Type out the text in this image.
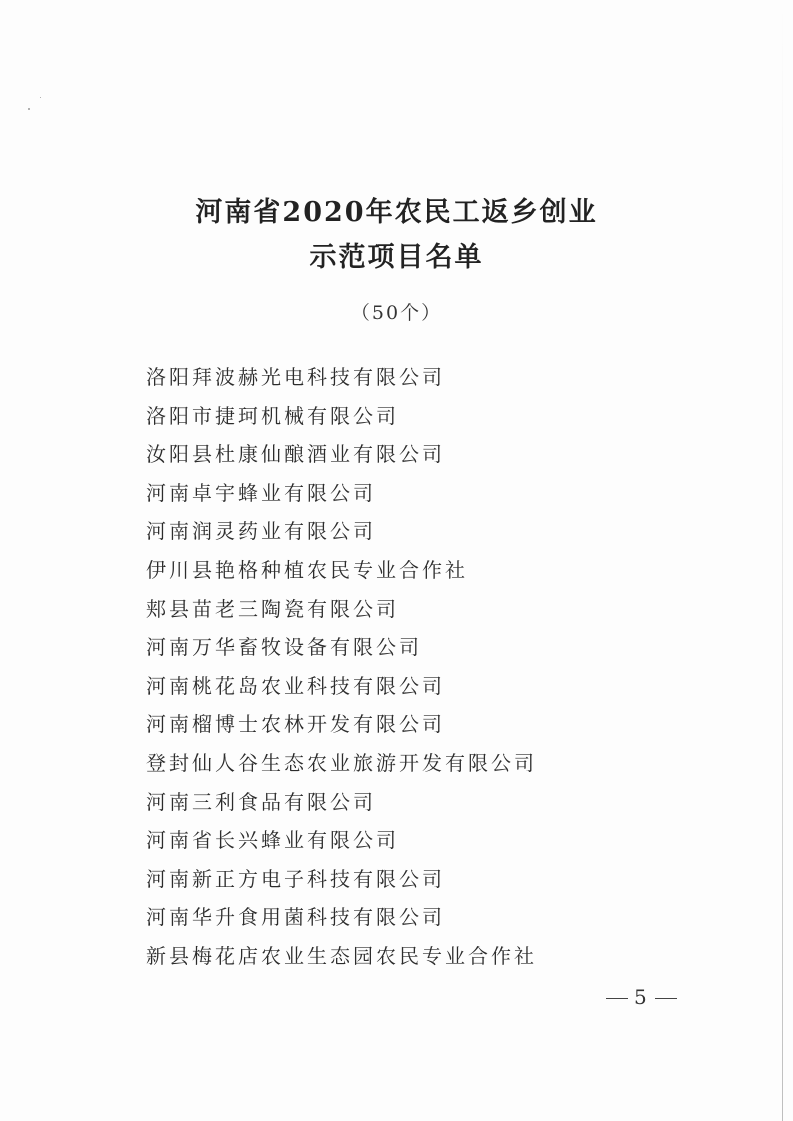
河南省2020年农民工返乡创业
示范项目名单
（50个）
洛阳拜波赫光电科技有限公司
洛阳市捷珂机械有限公司
汝阳县杜康仙酿酒业有限公司
河南卓宇蜂业有限公司
河南润灵药业有限公司
伊川县艳格种植农民专业合作社
郏县苗老三陶瓷有限公司
河南万华畜牧设备有限公司
河南桃花岛农业科技有限公司
河南榴博士农林开发有限公司
登封仙人谷生态农业旅游开发有限公司
河南三利食品有限公司
河南省长兴蜂业有限公司
河南新正方电子科技有限公司
河南华升食用菌科技有限公司
新县梅花店农业生态园农民专业合作社
5
